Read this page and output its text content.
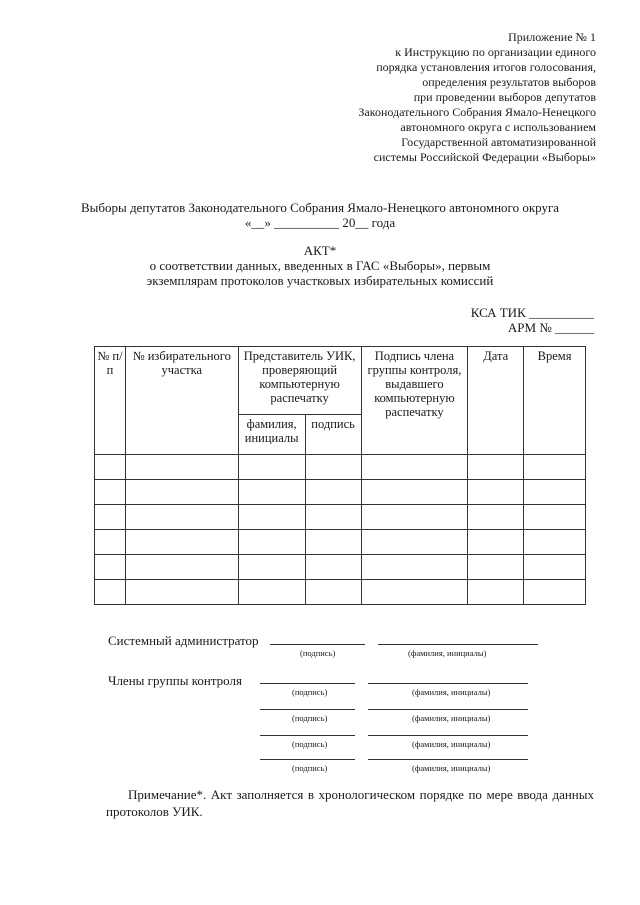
Приложение № 1
к Инструкцию по организации единого
порядка установления итогов голосования,
определения результатов выборов
при проведении выборов депутатов
Законодательного Собрания Ямало-Ненецкого
автономного округа с использованием
Государственной автоматизированной
системы Российской Федерации «Выборы»
Выборы депутатов Законодательного Собрания Ямало-Ненецкого автономного округа
«__» __________ 20__ года
АКТ*
о соответствии данных, введенных в ГАС «Выборы», первым
экземплярам протоколов участковых избирательных комиссий
КСА ТИК __________
АРМ № ______
№ п/п	№ избирательного участка	Представитель УИК, проверяющий компьютерную распечатку		Подпись члена группы контроля, выдавшего компьютерную распечатку	Дата	Время
		фамилия, инициалы	подпись			

Системный администратор
(подпись)	(фамилия, инициалы)
Члены группы контроля
(подпись)	(фамилия, инициалы)
(подпись)	(фамилия, инициалы)
(подпись)	(фамилия, инициалы)
(подпись)	(фамилия, инициалы)
Примечание*. Акт заполняется в хронологическом порядке по мере ввода данных протоколов УИК.
